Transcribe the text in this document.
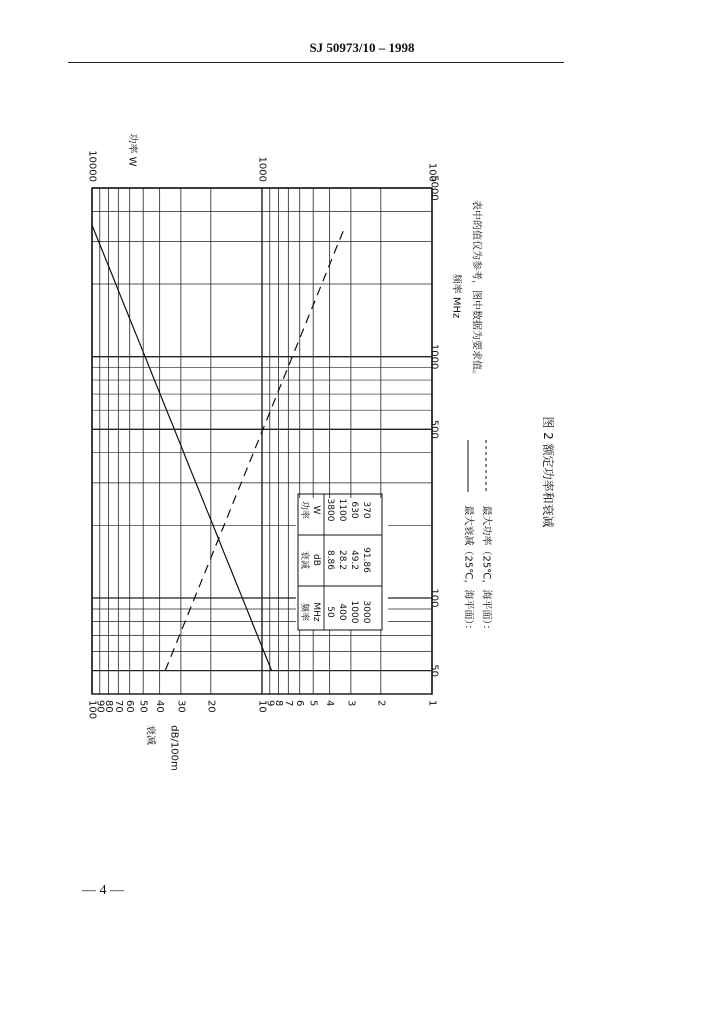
SJ 50973/10 – 1998
— 4 —
1
2
3
4
5
6
7
8
9
10
20
30
40
50
60
70
80
90
100
100
1000
10000
50
100
500
1000
5000
功率 W
衰减 dB/100m
频率 MHz 表中的值仅为参考，图中数据为要求值。
频率 MHz
衰减 dB
功率 W
50
8.86
3800
400
28.2
1100
1000
49.2
630
3000
91.86
370	最大衰减（25℃，海平面）： 最大功率（25℃，海平面）：
图 2 额定功率和衰减
